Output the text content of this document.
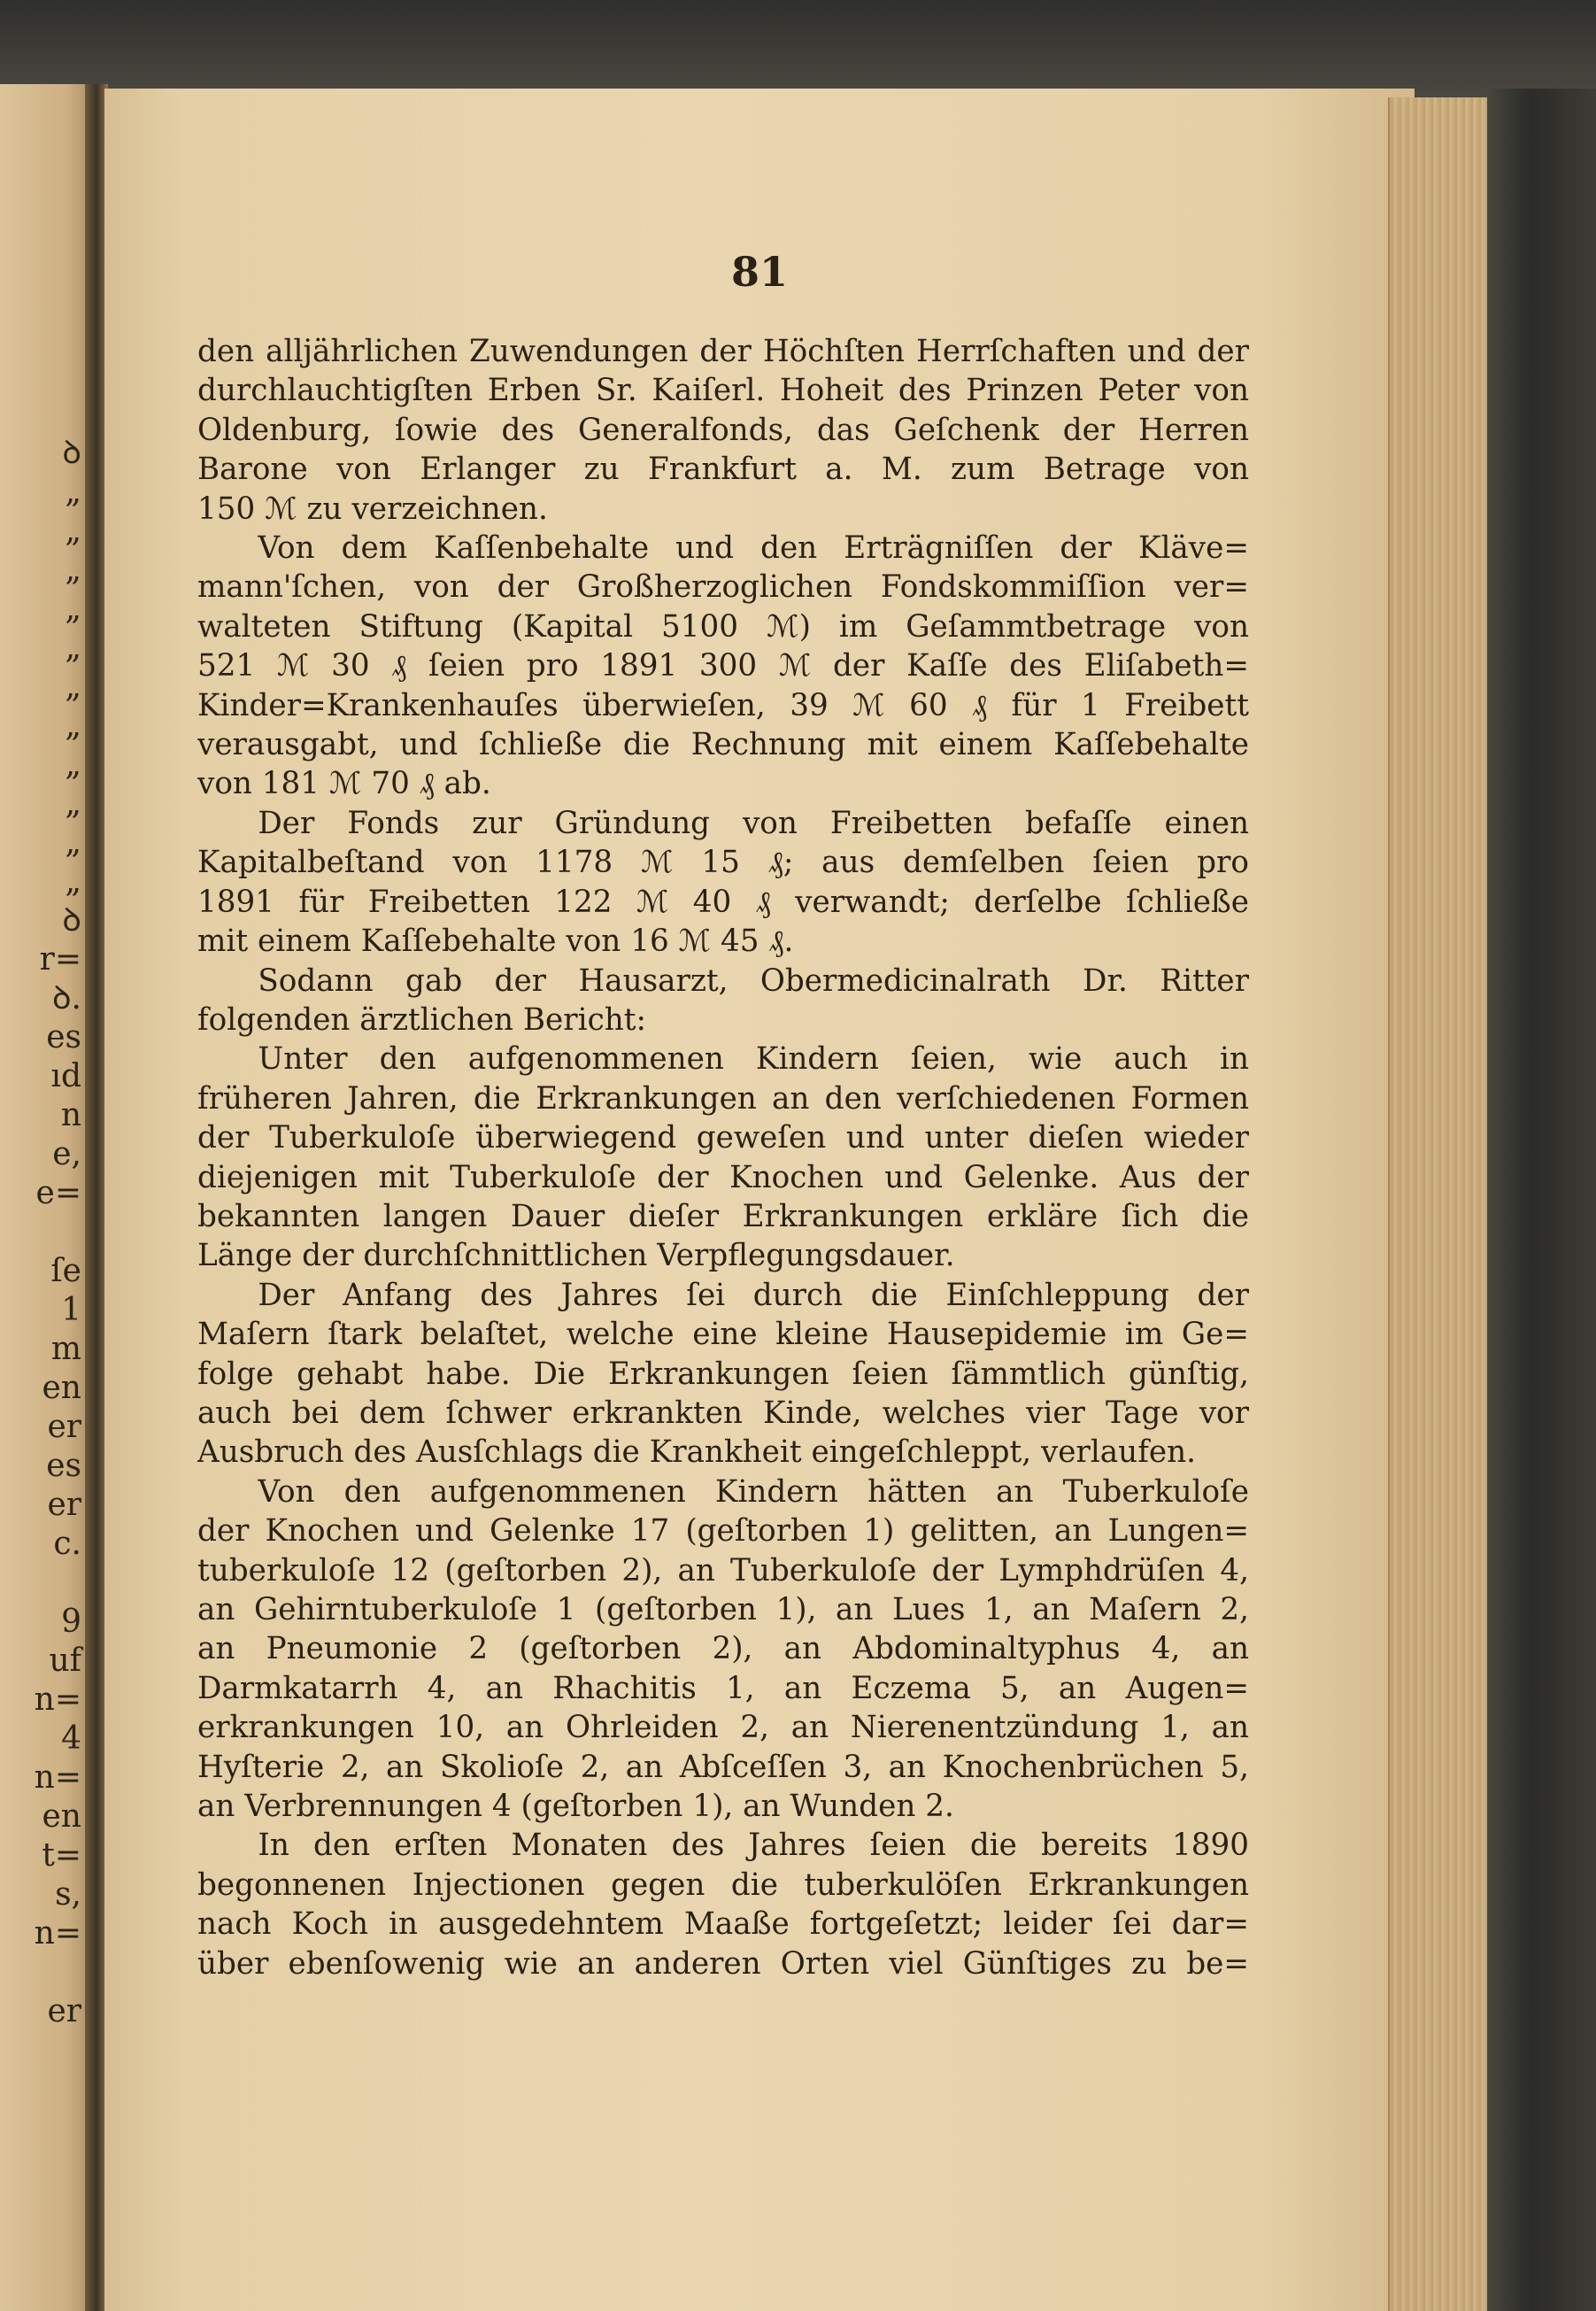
ꝺ
„
„
„
„
„
„
„
„
„
„
„
ꝺ
r=
ꝺ.
es
ıd
n
e,
e=

ſe
1
m
en
er
es
er
c.

9
uf
n=
4
n=
en
t=
s,
n=

er
81

den alljährlichen Zuwendungen der Höchſten Herrſchaften und der
durchlauchtigſten Erben Sr. Kaiſerl. Hoheit des Prinzen Peter von
Oldenburg, ſowie des Generalfonds, das Geſchenk der Herren
Barone von Erlanger zu Frankfurt a. M. zum Betrage von
150 ℳ zu verzeichnen.

Von dem Kaſſenbehalte und den Erträgniſſen der Kläve=
mann'ſchen, von der Großherzoglichen Fondskommiſſion ver=
walteten Stiftung (Kapital 5100 ℳ) im Geſammtbetrage von
521 ℳ 30 ₰ ſeien pro 1891 300 ℳ der Kaſſe des Eliſabeth=
Kinder=Krankenhauſes überwieſen, 39 ℳ 60 ₰ für 1 Freibett
verausgabt, und ſchließe die Rechnung mit einem Kaſſebehalte
von 181 ℳ 70 ₰ ab.

Der Fonds zur Gründung von Freibetten befaſſe einen
Kapitalbeſtand von 1178 ℳ 15 ₰; aus demſelben ſeien pro
1891 für Freibetten 122 ℳ 40 ₰ verwandt; derſelbe ſchließe
mit einem Kaſſebehalte von 16 ℳ 45 ₰.

Sodann gab der Hausarzt, Obermedicinalrath Dr. Ritter
folgenden ärztlichen Bericht:

Unter den aufgenommenen Kindern ſeien, wie auch in
früheren Jahren, die Erkrankungen an den verſchiedenen Formen
der Tuberkuloſe überwiegend geweſen und unter dieſen wieder
diejenigen mit Tuberkuloſe der Knochen und Gelenke. Aus der
bekannten langen Dauer dieſer Erkrankungen erkläre ſich die
Länge der durchſchnittlichen Verpflegungsdauer.

Der Anfang des Jahres ſei durch die Einſchleppung der
Maſern ſtark belaſtet, welche eine kleine Hausepidemie im Ge=
folge gehabt habe. Die Erkrankungen ſeien ſämmtlich günſtig,
auch bei dem ſchwer erkrankten Kinde, welches vier Tage vor
Ausbruch des Ausſchlags die Krankheit eingeſchleppt, verlaufen.

Von den aufgenommenen Kindern hätten an Tuberkuloſe
der Knochen und Gelenke 17 (geſtorben 1) gelitten, an Lungen=
tuberkuloſe 12 (geſtorben 2), an Tuberkuloſe der Lymphdrüſen 4,
an Gehirntuberkuloſe 1 (geſtorben 1), an Lues 1, an Maſern 2,
an Pneumonie 2 (geſtorben 2), an Abdominaltyphus 4, an
Darmkatarrh 4, an Rhachitis 1, an Eczema 5, an Augen=
erkrankungen 10, an Ohrleiden 2, an Nierenentzündung 1, an
Hyſterie 2, an Skolioſe 2, an Abſceſſen 3, an Knochenbrüchen 5,
an Verbrennungen 4 (geſtorben 1), an Wunden 2.

In den erſten Monaten des Jahres ſeien die bereits 1890
begonnenen Injectionen gegen die tuberkulöſen Erkrankungen
nach Koch in ausgedehntem Maaße fortgeſetzt; leider ſei dar=
über ebenſowenig wie an anderen Orten viel Günſtiges zu be=
